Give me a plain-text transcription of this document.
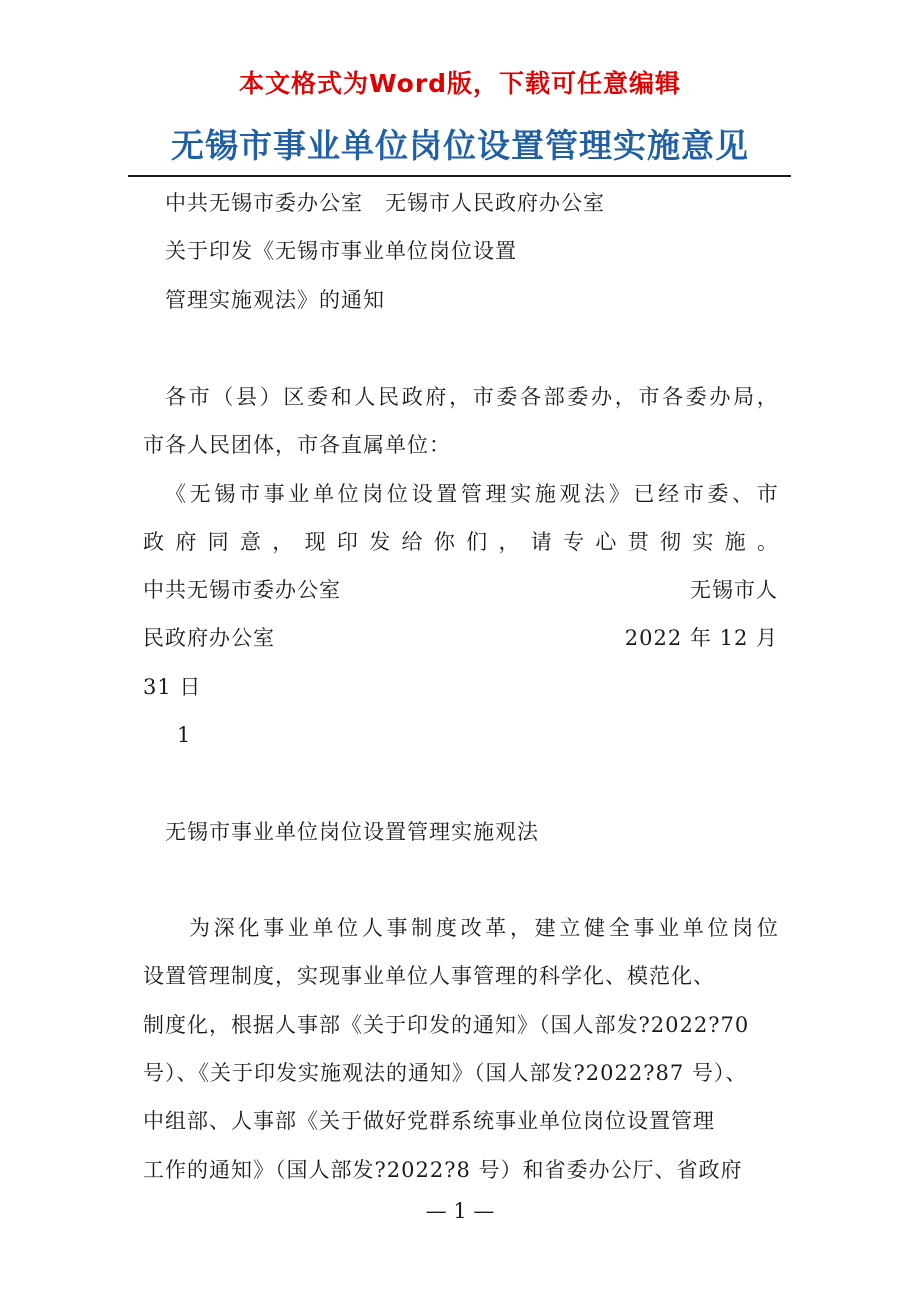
本文格式为Word版，下载可任意编辑
无锡市事业单位岗位设置管理实施意见
中共无锡市委办公室　无锡市人民政府办公室
关于印发《无锡市事业单位岗位设置
管理实施观法》的通知
各 市 （ 县 ） 区 委 和 人 民 政 府 ， 市 委 各 部 委 办 ， 市 各 委 办 局 ，
市各人民团体，市各直属单位：
《 无 锡 市 事 业 单 位 岗 位 设 置 管 理 实 施 观 法 》 已 经 市 委 、 市
政 府 同 意 ， 现 印 发 给 你 们 ， 请 专 心 贯 彻 实 施 。
中共无锡市委办公室	无锡市人
民政府办公室	2022 年 12 月
31 日
1
无锡市事业单位岗位设置管理实施观法
为 深 化 事 业 单 位 人 事 制 度 改 革 ， 建 立 健 全 事 业 单 位 岗 位
设置管理制度，实现事业单位人事管理的科学化、模范化、
制度化，根据人事部《关于印发的通知》（国人部发?2022?70
号）、《关于印发实施观法的通知》（国人部发?2022?87 号）、
中组部、人事部《关于做好党群系统事业单位岗位设置管理
工作的通知》（国人部发?2022?8 号）和省委办公厅、省政府
— 1 —
